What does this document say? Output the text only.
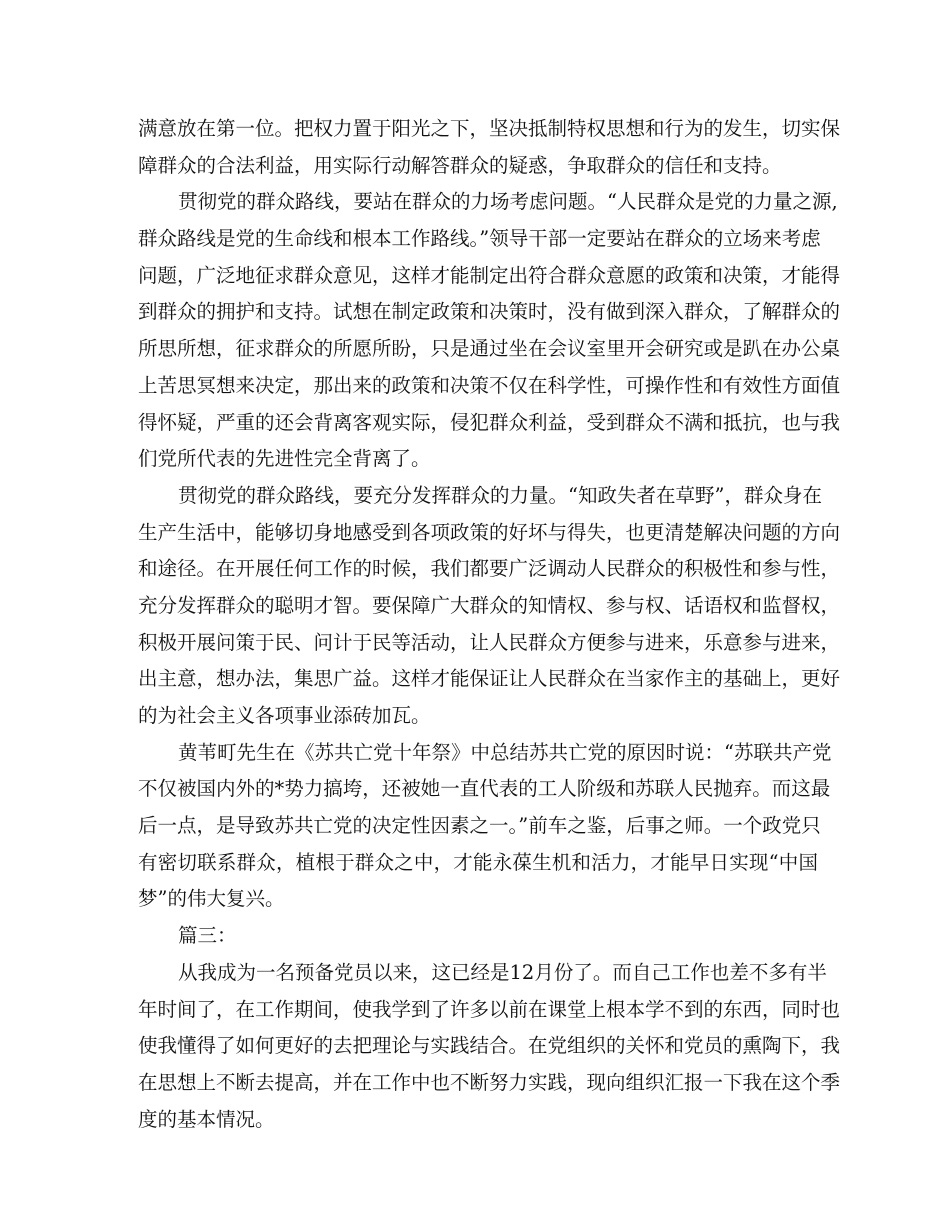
满意放在第一位。把权力置于阳光之下，坚决抵制特权思想和行为的发生，切实保
障群众的合法利益，用实际行动解答群众的疑惑，争取群众的信任和支持。
贯彻党的群众路线，要站在群众的力场考虑问题。“人民群众是党的力量之源,
群众路线是党的生命线和根本工作路线。”领导干部一定要站在群众的立场来考虑
问题，广泛地征求群众意见，这样才能制定出符合群众意愿的政策和决策，才能得
到群众的拥护和支持。试想在制定政策和决策时，没有做到深入群众，了解群众的
所思所想，征求群众的所愿所盼，只是通过坐在会议室里开会研究或是趴在办公桌
上苦思冥想来决定，那出来的政策和决策不仅在科学性，可操作性和有效性方面值
得怀疑，严重的还会背离客观实际，侵犯群众利益，受到群众不满和抵抗，也与我
们党所代表的先进性完全背离了。
贯彻党的群众路线，要充分发挥群众的力量。“知政失者在草野”，群众身在
生产生活中，能够切身地感受到各项政策的好坏与得失，也更清楚解决问题的方向
和途径。在开展任何工作的时候，我们都要广泛调动人民群众的积极性和参与性，
充分发挥群众的聪明才智。要保障广大群众的知情权、参与权、话语权和监督权，
积极开展问策于民、问计于民等活动，让人民群众方便参与进来，乐意参与进来，
出主意，想办法，集思广益。这样才能保证让人民群众在当家作主的基础上，更好
的为社会主义各项事业添砖加瓦。
黄苇町先生在《苏共亡党十年祭》中总结苏共亡党的原因时说：“苏联共产党
不仅被国内外的*势力搞垮，还被她一直代表的工人阶级和苏联人民抛弃。而这最
后一点，是导致苏共亡党的决定性因素之一。”前车之鉴，后事之师。一个政党只
有密切联系群众，植根于群众之中，才能永葆生机和活力，才能早日实现“中国
梦”的伟大复兴。
篇三：
从我成为一名预备党员以来，这已经是12月份了。而自己工作也差不多有半
年时间了，在工作期间，使我学到了许多以前在课堂上根本学不到的东西，同时也
使我懂得了如何更好的去把理论与实践结合。在党组织的关怀和党员的熏陶下，我
在思想上不断去提高，并在工作中也不断努力实践，现向组织汇报一下我在这个季
度的基本情况。
